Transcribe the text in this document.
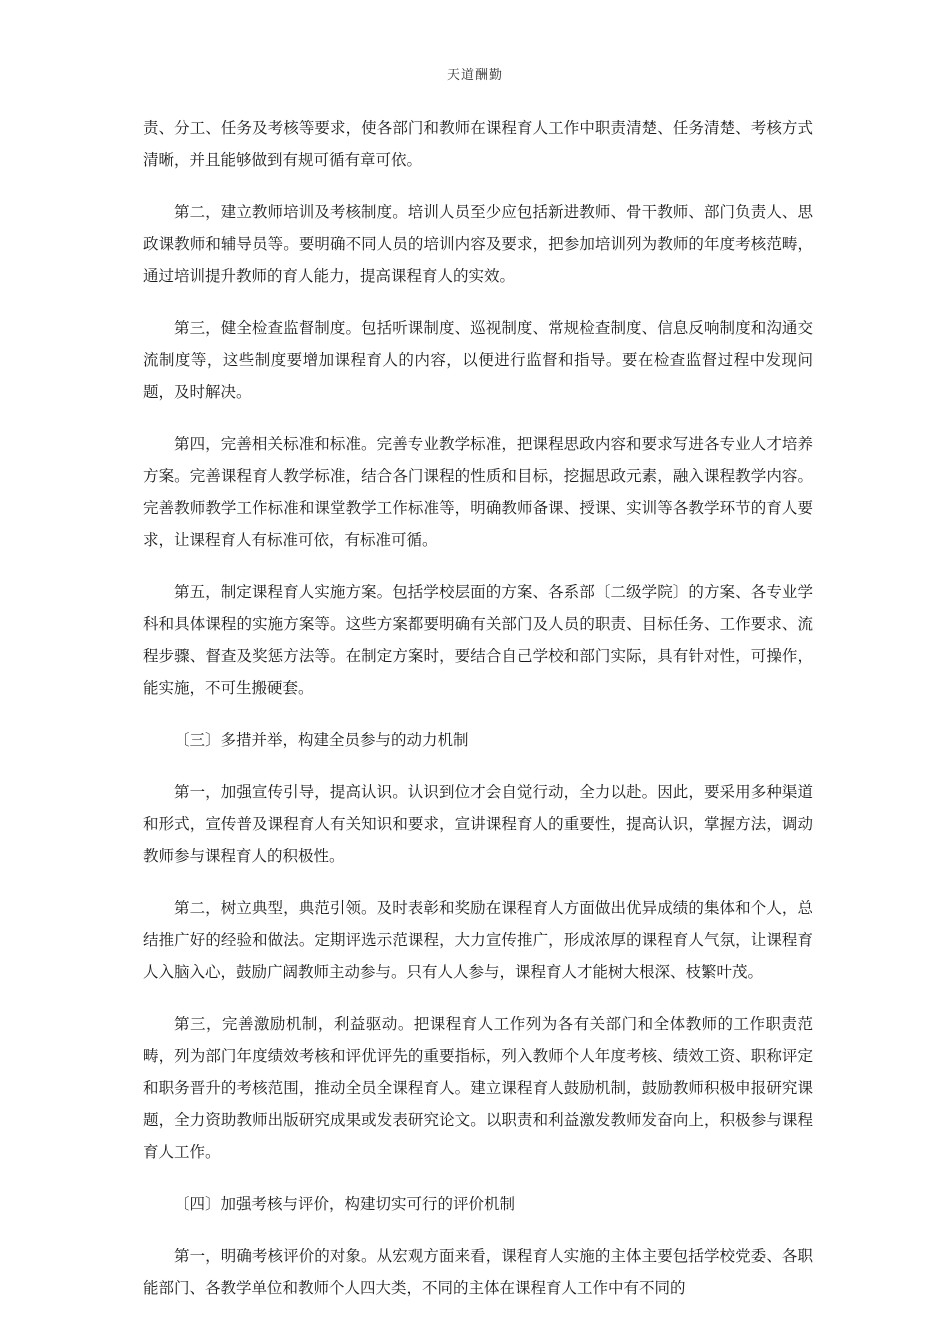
天道酬勤

责、分工、任务及考核等要求，使各部门和教师在课程育人工作中职责清楚、任务清楚、考核方式清晰，并且能够做到有规可循有章可依。

第二，建立教师培训及考核制度。培训人员至少应包括新进教师、骨干教师、部门负责人、思政课教师和辅导员等。要明确不同人员的培训内容及要求，把参加培训列为教师的年度考核范畴，通过培训提升教师的育人能力，提高课程育人的实效。

第三，健全检查监督制度。包括听课制度、巡视制度、常规检查制度、信息反响制度和沟通交流制度等，这些制度要增加课程育人的内容，以便进行监督和指导。要在检查监督过程中发现问题，及时解决。

第四，完善相关标准和标准。完善专业教学标准，把课程思政内容和要求写进各专业人才培养方案。完善课程育人教学标准，结合各门课程的性质和目标，挖掘思政元素，融入课程教学内容。完善教师教学工作标准和课堂教学工作标准等，明确教师备课、授课、实训等各教学环节的育人要求，让课程育人有标准可依，有标准可循。

第五，制定课程育人实施方案。包括学校层面的方案、各系部〔二级学院〕的方案、各专业学科和具体课程的实施方案等。这些方案都要明确有关部门及人员的职责、目标任务、工作要求、流程步骤、督查及奖惩方法等。在制定方案时，要结合自己学校和部门实际，具有针对性，可操作，能实施，不可生搬硬套。

〔三〕多措并举，构建全员参与的动力机制

第一，加强宣传引导，提高认识。认识到位才会自觉行动，全力以赴。因此，要采用多种渠道和形式，宣传普及课程育人有关知识和要求，宣讲课程育人的重要性，提高认识，掌握方法，调动教师参与课程育人的积极性。

第二，树立典型，典范引领。及时表彰和奖励在课程育人方面做出优异成绩的集体和个人，总结推广好的经验和做法。定期评选示范课程，大力宣传推广，形成浓厚的课程育人气氛，让课程育人入脑入心，鼓励广阔教师主动参与。只有人人参与，课程育人才能树大根深、枝繁叶茂。

第三，完善激励机制，利益驱动。把课程育人工作列为各有关部门和全体教师的工作职责范畴，列为部门年度绩效考核和评优评先的重要指标，列入教师个人年度考核、绩效工资、职称评定和职务晋升的考核范围，推动全员全课程育人。建立课程育人鼓励机制，鼓励教师积极申报研究课题，全力资助教师出版研究成果或发表研究论文。以职责和利益激发教师发奋向上，积极参与课程育人工作。

〔四〕加强考核与评价，构建切实可行的评价机制

第一，明确考核评价的对象。从宏观方面来看，课程育人实施的主体主要包括学校党委、各职能部门、各教学单位和教师个人四大类，不同的主体在课程育人工作中有不同的
